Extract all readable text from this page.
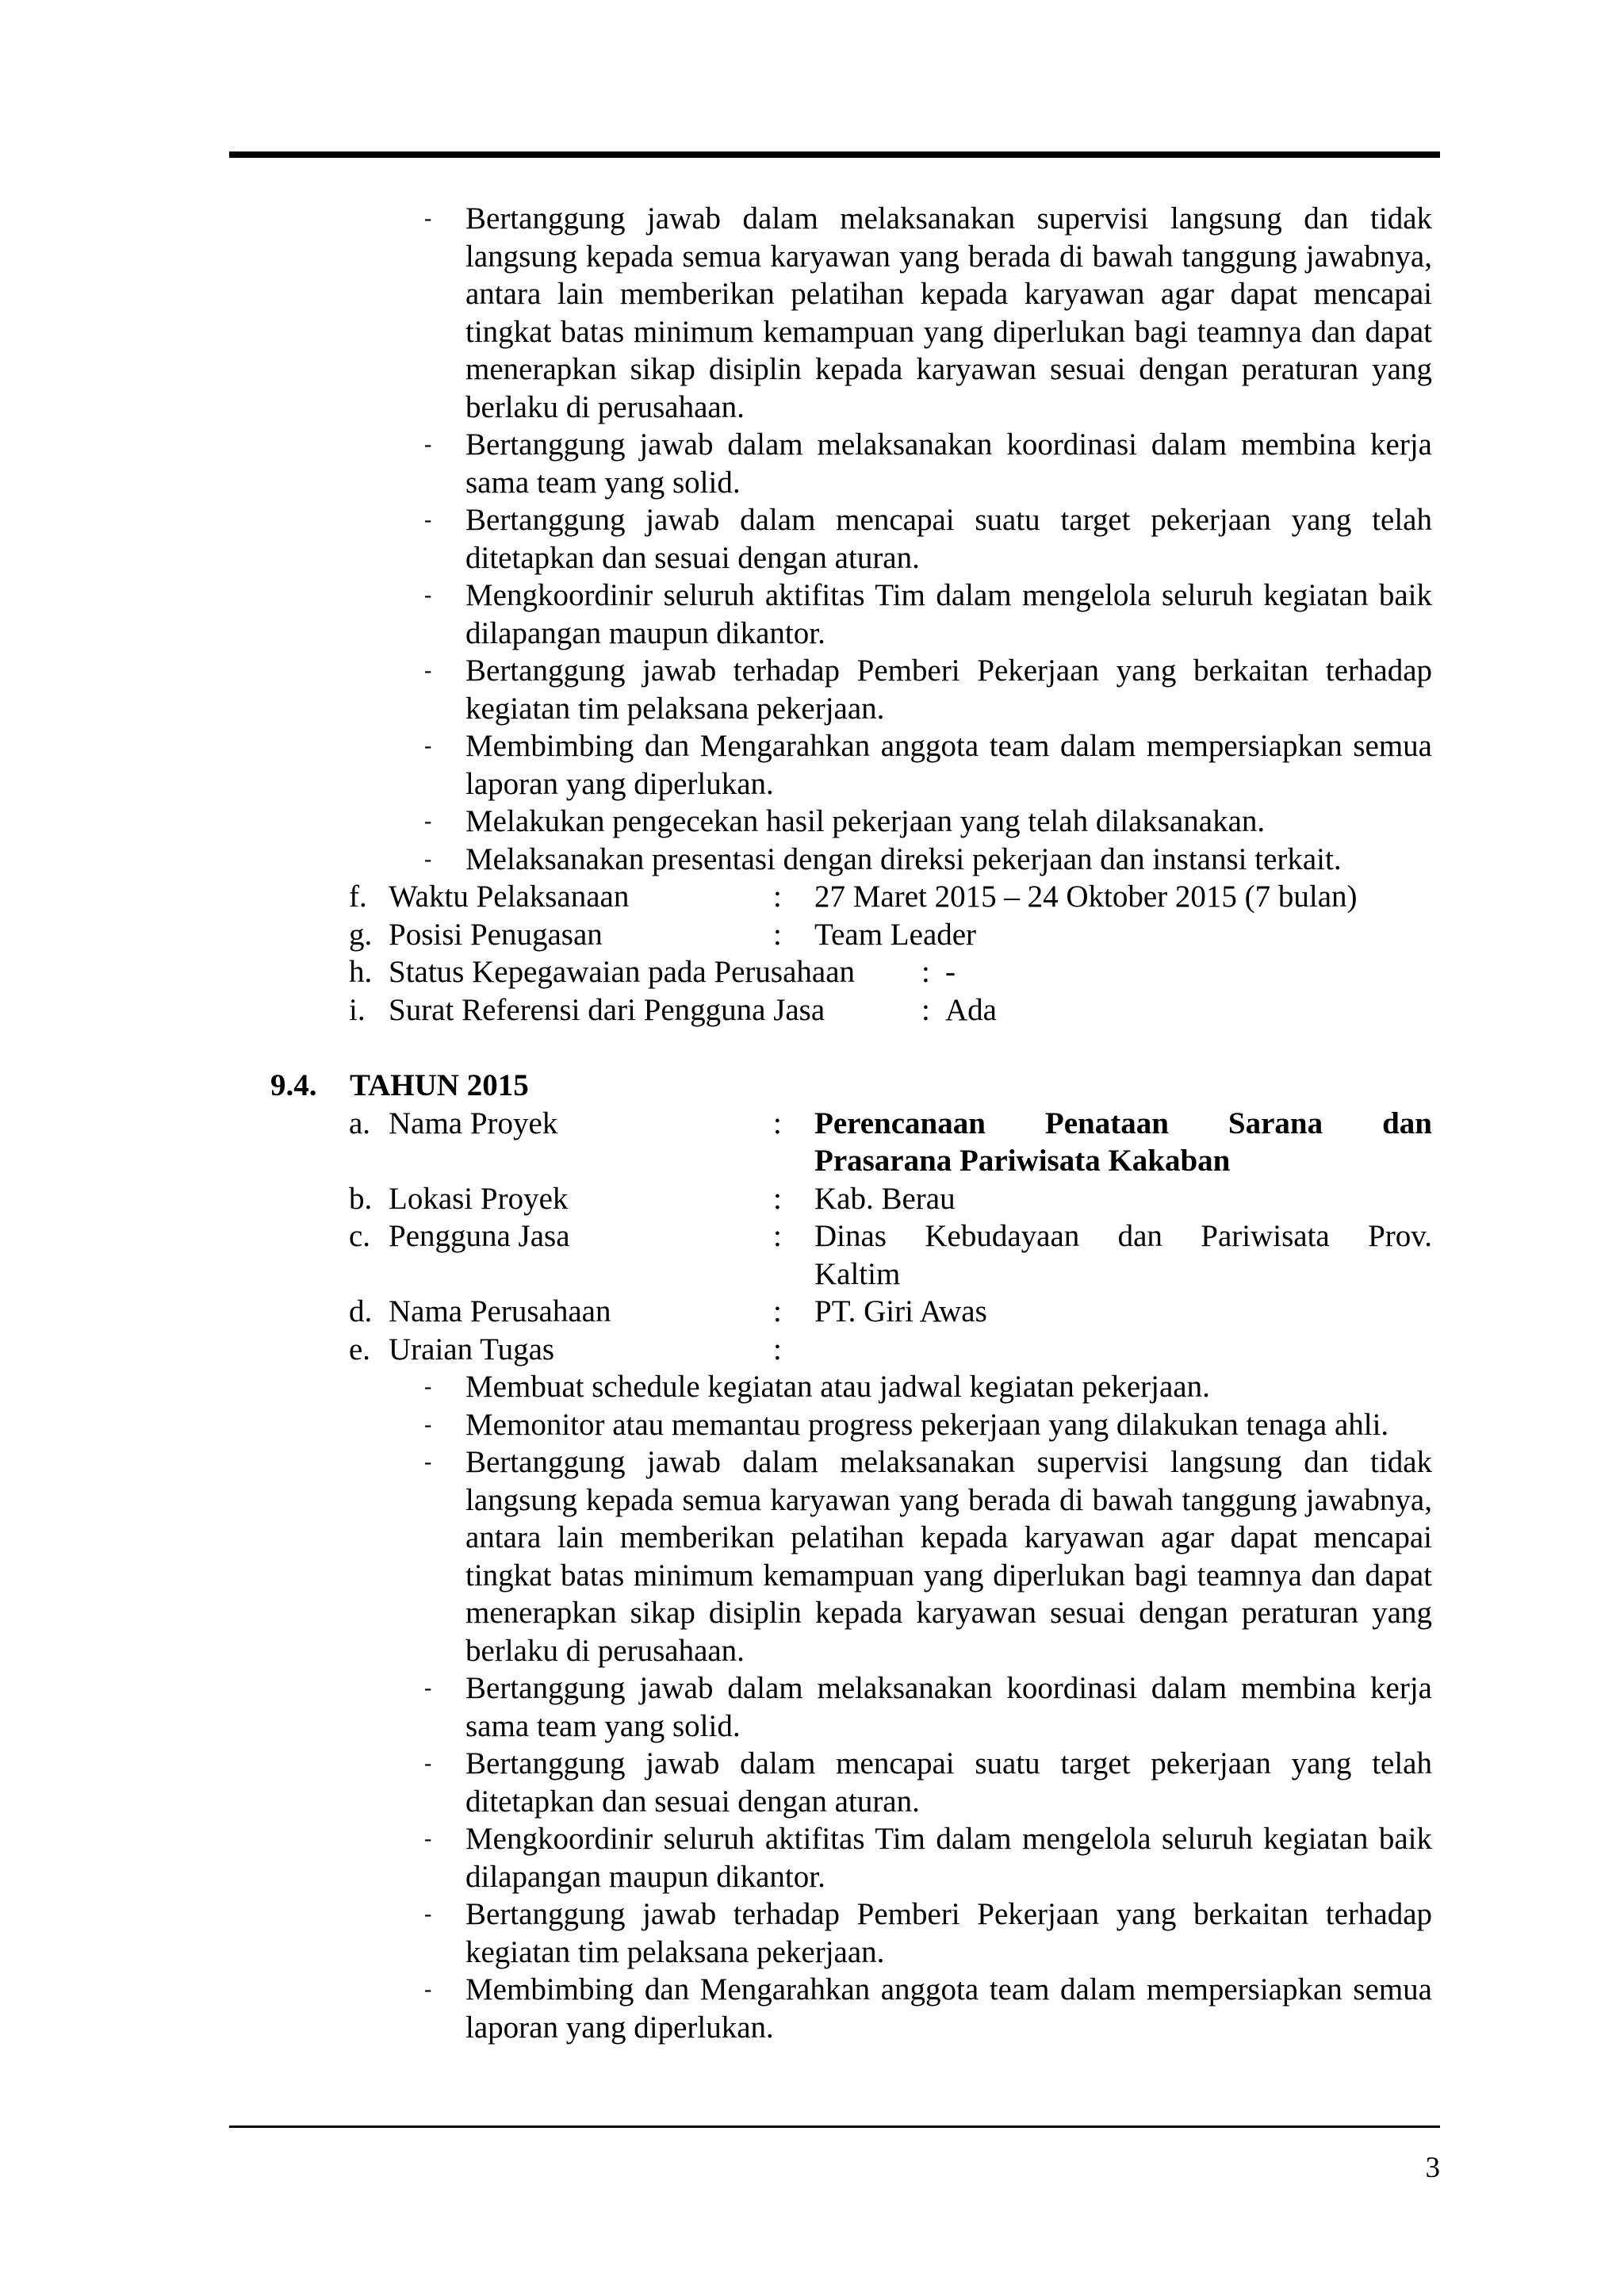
- Bertanggung jawab dalam melaksanakan supervisi langsung dan tidak langsung kepada semua karyawan yang berada di bawah tanggung jawabnya, antara lain memberikan pelatihan kepada karyawan agar dapat mencapai tingkat batas minimum kemampuan yang diperlukan bagi teamnya dan dapat menerapkan sikap disiplin kepada karyawan sesuai dengan peraturan yang berlaku di perusahaan.
- Bertanggung jawab dalam melaksanakan koordinasi dalam membina kerja sama team yang solid.
- Bertanggung jawab dalam mencapai suatu target pekerjaan yang telah ditetapkan dan sesuai dengan aturan.
- Mengkoordinir seluruh aktifitas Tim dalam mengelola seluruh kegiatan baik dilapangan maupun dikantor.
- Bertanggung jawab terhadap Pemberi Pekerjaan yang berkaitan terhadap kegiatan tim pelaksana pekerjaan.
- Membimbing dan Mengarahkan anggota team dalam mempersiapkan semua laporan yang diperlukan.
- Melakukan pengecekan hasil pekerjaan yang telah dilaksanakan.
- Melaksanakan presentasi dengan direksi pekerjaan dan instansi terkait.
f. Waktu Pelaksanaan	: 27 Maret 2015 – 24 Oktober 2015 (7 bulan)
g. Posisi Penugasan	: Team Leader
h. Status Kepegawaian pada Perusahaan : -
i. Surat Referensi dari Pengguna Jasa	: Ada
9.4. TAHUN 2015
a. Nama Proyek	: Perencanaan Penataan Sarana dan
Prasarana Pariwisata Kakaban
b. Lokasi Proyek	: Kab. Berau
c. Pengguna Jasa	: Dinas Kebudayaan dan Pariwisata Prov.
Kaltim
d. Nama Perusahaan	: PT. Giri Awas
e. Uraian Tugas	:
- Membuat schedule kegiatan atau jadwal kegiatan pekerjaan.
- Memonitor atau memantau progress pekerjaan yang dilakukan tenaga ahli.
- Bertanggung jawab dalam melaksanakan supervisi langsung dan tidak langsung kepada semua karyawan yang berada di bawah tanggung jawabnya, antara lain memberikan pelatihan kepada karyawan agar dapat mencapai tingkat batas minimum kemampuan yang diperlukan bagi teamnya dan dapat menerapkan sikap disiplin kepada karyawan sesuai dengan peraturan yang berlaku di perusahaan.
- Bertanggung jawab dalam melaksanakan koordinasi dalam membina kerja sama team yang solid.
- Bertanggung jawab dalam mencapai suatu target pekerjaan yang telah ditetapkan dan sesuai dengan aturan.
- Mengkoordinir seluruh aktifitas Tim dalam mengelola seluruh kegiatan baik dilapangan maupun dikantor.
- Bertanggung jawab terhadap Pemberi Pekerjaan yang berkaitan terhadap kegiatan tim pelaksana pekerjaan.
- Membimbing dan Mengarahkan anggota team dalam mempersiapkan semua laporan yang diperlukan.
3
